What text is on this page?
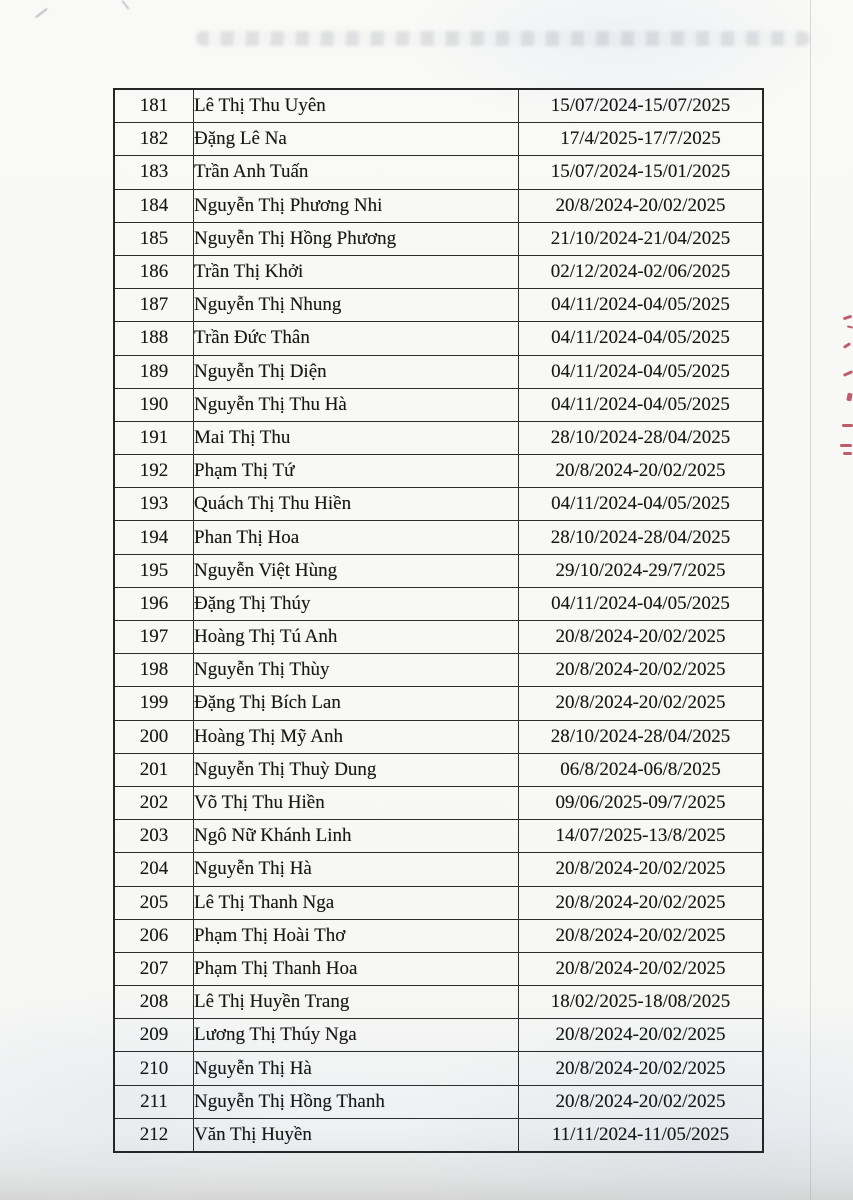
181	Lê Thị Thu Uyên	15/07/2024-15/07/2025
182	Đặng Lê Na	17/4/2025-17/7/2025
183	Trần Anh Tuấn	15/07/2024-15/01/2025
184	Nguyễn Thị Phương Nhi	20/8/2024-20/02/2025
185	Nguyễn Thị Hồng Phương	21/10/2024-21/04/2025
186	Trần Thị Khởi	02/12/2024-02/06/2025
187	Nguyễn Thị Nhung	04/11/2024-04/05/2025
188	Trần Đức Thân	04/11/2024-04/05/2025
189	Nguyễn Thị Diện	04/11/2024-04/05/2025
190	Nguyễn Thị Thu Hà	04/11/2024-04/05/2025
191	Mai Thị Thu	28/10/2024-28/04/2025
192	Phạm Thị Tứ	20/8/2024-20/02/2025
193	Quách Thị Thu Hiền	04/11/2024-04/05/2025
194	Phan Thị Hoa	28/10/2024-28/04/2025
195	Nguyễn Việt Hùng	29/10/2024-29/7/2025
196	Đặng Thị Thúy	04/11/2024-04/05/2025
197	Hoàng Thị Tú Anh	20/8/2024-20/02/2025
198	Nguyễn Thị Thùy	20/8/2024-20/02/2025
199	Đặng Thị Bích Lan	20/8/2024-20/02/2025
200	Hoàng Thị Mỹ Anh	28/10/2024-28/04/2025
201	Nguyễn Thị Thuỳ Dung	06/8/2024-06/8/2025
202	Võ Thị Thu Hiền	09/06/2025-09/7/2025
203	Ngô Nữ Khánh Linh	14/07/2025-13/8/2025
204	Nguyễn Thị Hà	20/8/2024-20/02/2025
205	Lê Thị Thanh Nga	20/8/2024-20/02/2025
206	Phạm Thị Hoài Thơ	20/8/2024-20/02/2025
207	Phạm Thị Thanh Hoa	20/8/2024-20/02/2025
208	Lê Thị Huyền Trang	18/02/2025-18/08/2025
209	Lương Thị Thúy Nga	20/8/2024-20/02/2025
210	Nguyễn Thị Hà	20/8/2024-20/02/2025
211	Nguyễn Thị Hồng Thanh	20/8/2024-20/02/2025
212	Văn Thị Huyền	11/11/2024-11/05/2025
